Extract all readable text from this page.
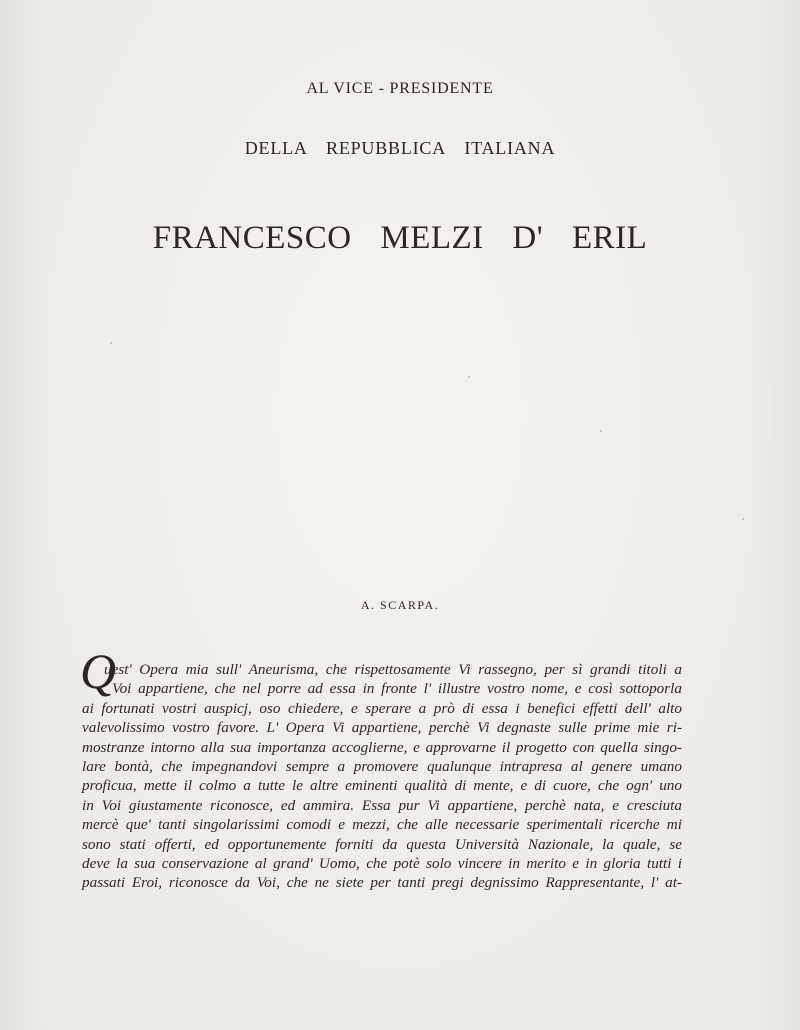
AL VICE - PRESIDENTE
DELLA REPUBBLICA ITALIANA
FRANCESCO MELZI D' ERIL
A. SCARPA.
Q
uest' Opera mia sull' Aneurisma, che rispettosamente Vi rassegno, per sì grandi titoli a
Voi appartiene, che nel porre ad essa in fronte l' illustre vostro nome, e così sottoporla
ai fortunati vostri auspicj, oso chiedere, e sperare a prò di essa i benefici effetti dell' alto
valevolissimo vostro favore. L' Opera Vi appartiene, perchè Vi degnaste sulle prime mie ri-
mostranze intorno alla sua importanza accoglierne, e approvarne il progetto con quella singo-
lare bontà, che impegnandovi sempre a promovere qualunque intrapresa al genere umano
proficua, mette il colmo a tutte le altre eminenti qualità di mente, e di cuore, che ogn' uno
in Voi giustamente riconosce, ed ammira. Essa pur Vi appartiene, perchè nata, e cresciuta
mercè que' tanti singolarissimi comodi e mezzi, che alle necessarie sperimentali ricerche mi
sono stati offerti, ed opportunemente forniti da questa Università Nazionale, la quale, se
deve la sua conservazione al grand' Uomo, che potè solo vincere in merito e in gloria tutti i
passati Eroi, riconosce da Voi, che ne siete per tanti pregi degnissimo Rappresentante, l' at-
